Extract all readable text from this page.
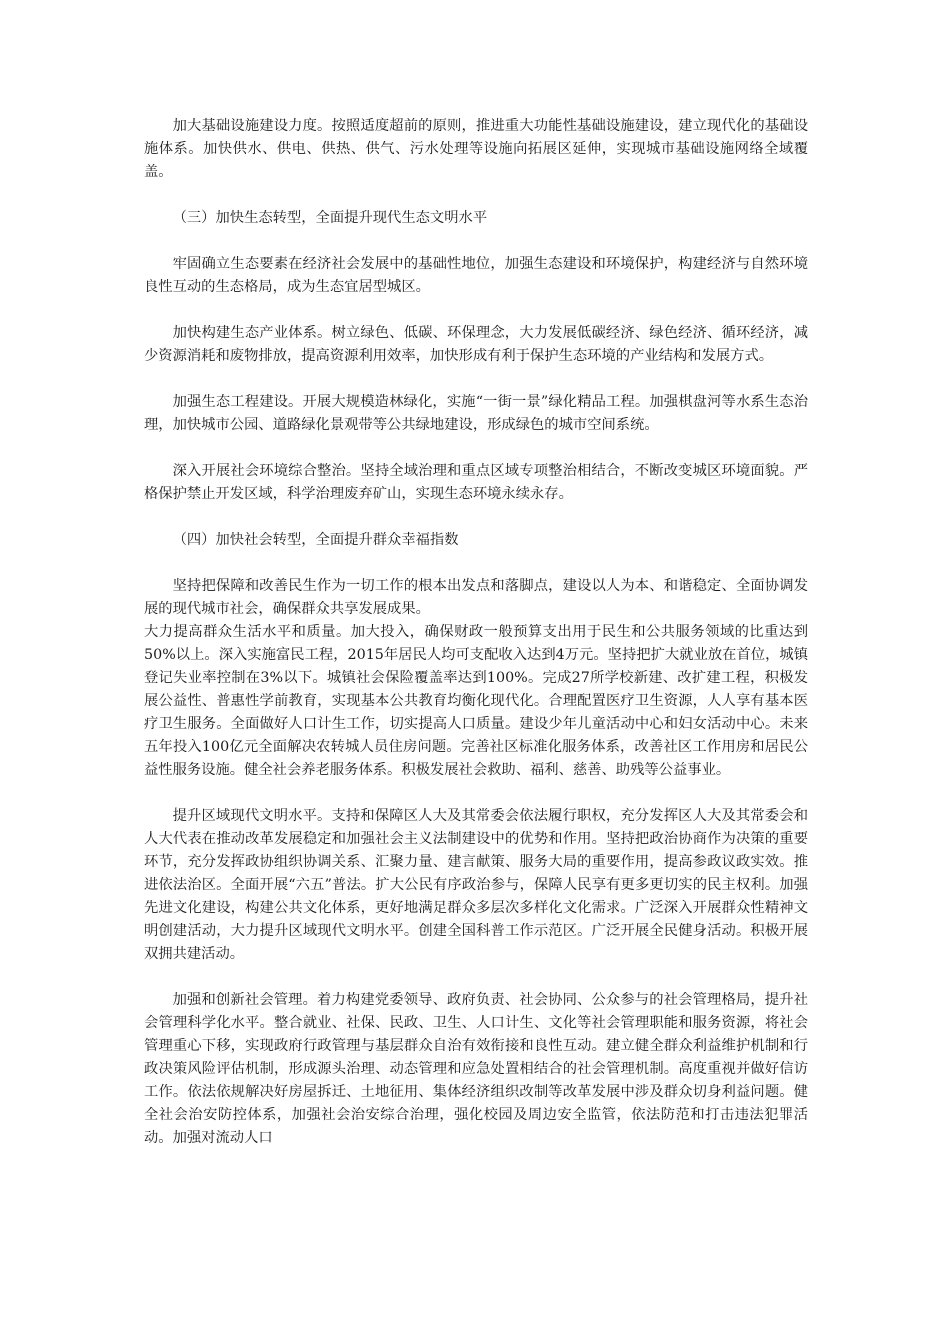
加大基础设施建设力度。按照适度超前的原则，推进重大功能性基础设施建设，建立现代化的基础设施体系。加快供水、供电、供热、供气、污水处理等设施向拓展区延伸，实现城市基础设施网络全域覆盖。

（三）加快生态转型，全面提升现代生态文明水平

牢固确立生态要素在经济社会发展中的基础性地位，加强生态建设和环境保护，构建经济与自然环境良性互动的生态格局，成为生态宜居型城区。

加快构建生态产业体系。树立绿色、低碳、环保理念，大力发展低碳经济、绿色经济、循环经济，减少资源消耗和废物排放，提高资源利用效率，加快形成有利于保护生态环境的产业结构和发展方式。

加强生态工程建设。开展大规模造林绿化，实施“一街一景”绿化精品工程。加强棋盘河等水系生态治理，加快城市公园、道路绿化景观带等公共绿地建设，形成绿色的城市空间系统。

深入开展社会环境综合整治。坚持全域治理和重点区域专项整治相结合，不断改变城区环境面貌。严格保护禁止开发区域，科学治理废弃矿山，实现生态环境永续永存。

（四）加快社会转型，全面提升群众幸福指数

坚持把保障和改善民生作为一切工作的根本出发点和落脚点，建设以人为本、和谐稳定、全面协调发展的现代城市社会，确保群众共享发展成果。

大力提高群众生活水平和质量。加大投入，确保财政一般预算支出用于民生和公共服务领域的比重达到50%以上。深入实施富民工程，2015年居民人均可支配收入达到4万元。坚持把扩大就业放在首位，城镇登记失业率控制在3%以下。城镇社会保险覆盖率达到100%。完成27所学校新建、改扩建工程，积极发展公益性、普惠性学前教育，实现基本公共教育均衡化现代化。合理配置医疗卫生资源，人人享有基本医疗卫生服务。全面做好人口计生工作，切实提高人口质量。建设少年儿童活动中心和妇女活动中心。未来五年投入100亿元全面解决农转城人员住房问题。完善社区标准化服务体系，改善社区工作用房和居民公益性服务设施。健全社会养老服务体系。积极发展社会救助、福利、慈善、助残等公益事业。

提升区域现代文明水平。支持和保障区人大及其常委会依法履行职权，充分发挥区人大及其常委会和人大代表在推动改革发展稳定和加强社会主义法制建设中的优势和作用。坚持把政治协商作为决策的重要环节，充分发挥政协组织协调关系、汇聚力量、建言献策、服务大局的重要作用，提高参政议政实效。推进依法治区。全面开展“六五”普法。扩大公民有序政治参与，保障人民享有更多更切实的民主权利。加强先进文化建设，构建公共文化体系，更好地满足群众多层次多样化文化需求。广泛深入开展群众性精神文明创建活动，大力提升区域现代文明水平。创建全国科普工作示范区。广泛开展全民健身活动。积极开展双拥共建活动。

加强和创新社会管理。着力构建党委领导、政府负责、社会协同、公众参与的社会管理格局，提升社会管理科学化水平。整合就业、社保、民政、卫生、人口计生、文化等社会管理职能和服务资源，将社会管理重心下移，实现政府行政管理与基层群众自治有效衔接和良性互动。建立健全群众利益维护机制和行政决策风险评估机制，形成源头治理、动态管理和应急处置相结合的社会管理机制。高度重视并做好信访工作。依法依规解决好房屋拆迁、土地征用、集体经济组织改制等改革发展中涉及群众切身利益问题。健全社会治安防控体系，加强社会治安综合治理，强化校园及周边安全监管，依法防范和打击违法犯罪活动。加强对流动人口
